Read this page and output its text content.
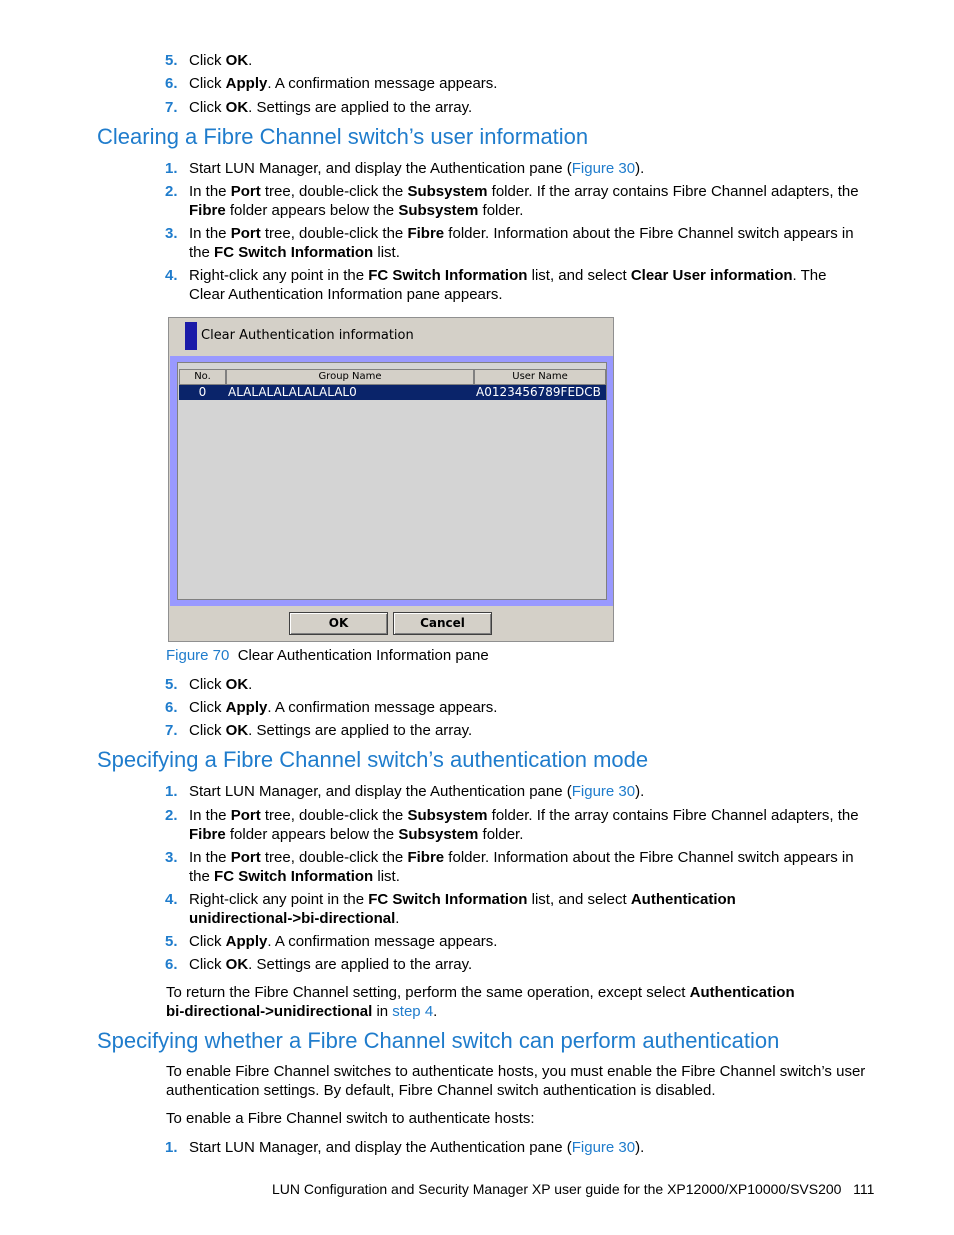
5. Click OK.
6. Click Apply. A confirmation message appears.
7. Click OK. Settings are applied to the array.
Clearing a Fibre Channel switch’s user information
1. Start LUN Manager, and display the Authentication pane (Figure 30).
2. In the Port tree, double-click the Subsystem folder. If the array contains Fibre Channel adapters, the Fibre folder appears below the Subsystem folder.
3. In the Port tree, double-click the Fibre folder. Information about the Fibre Channel switch appears in the FC Switch Information list.
4. Right-click any point in the FC Switch Information list, and select Clear User information. The Clear Authentication Information pane appears.
Clear Authentication information
No.	Group Name	User Name
0	ALALALALALALALAL0	A0123456789FEDCB
OK	Cancel
Figure 70 Clear Authentication Information pane
5. Click OK.
6. Click Apply. A confirmation message appears.
7. Click OK. Settings are applied to the array.
Specifying a Fibre Channel switch’s authentication mode
1. Start LUN Manager, and display the Authentication pane (Figure 30).
2. In the Port tree, double-click the Subsystem folder. If the array contains Fibre Channel adapters, the Fibre folder appears below the Subsystem folder.
3. In the Port tree, double-click the Fibre folder. Information about the Fibre Channel switch appears in the FC Switch Information list.
4. Right-click any point in the FC Switch Information list, and select Authentication unidirectional->bi-directional.
5. Click Apply. A confirmation message appears.
6. Click OK. Settings are applied to the array.
To return the Fibre Channel setting, perform the same operation, except select Authentication bi-directional->unidirectional in step 4.
Specifying whether a Fibre Channel switch can perform authentication
To enable Fibre Channel switches to authenticate hosts, you must enable the Fibre Channel switch’s user authentication settings. By default, Fibre Channel switch authentication is disabled.
To enable a Fibre Channel switch to authenticate hosts:
1. Start LUN Manager, and display the Authentication pane (Figure 30).
LUN Configuration and Security Manager XP user guide for the XP12000/XP10000/SVS200 111
